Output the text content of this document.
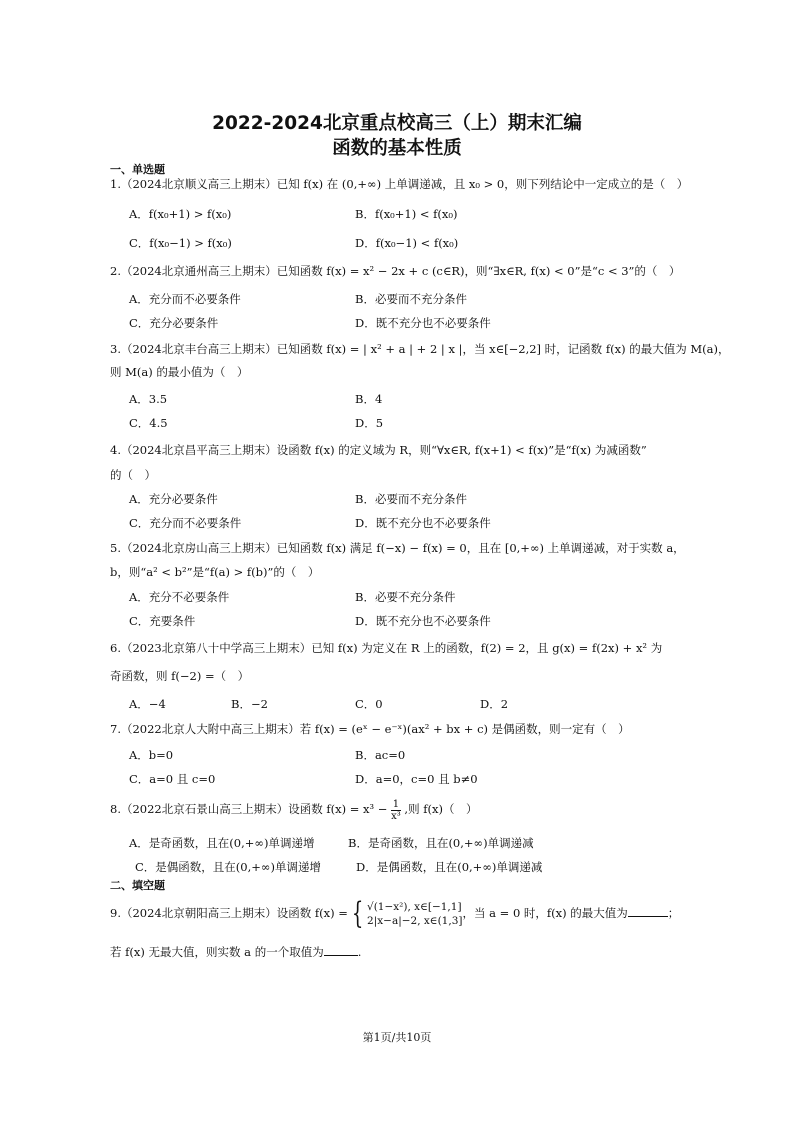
2022-2024北京重点校高三（上）期末汇编
函数的基本性质
一、单选题
1.（2024北京顺义高三上期末）已知 f(x) 在 (0,+∞) 上单调递减，且 x₀ > 0，则下列结论中一定成立的是（　）
A．f(x₀+1) > f(x₀)	B．f(x₀+1) < f(x₀)
C．f(x₀−1) > f(x₀)	D．f(x₀−1) < f(x₀)
2.（2024北京通州高三上期末）已知函数 f(x) = x² − 2x + c (c∈R)，则“∃x∈R, f(x) < 0”是“c < 3”的（　）
A．充分而不必要条件	B．必要而不充分条件
C．充分必要条件	D．既不充分也不必要条件
3.（2024北京丰台高三上期末）已知函数 f(x) = | x² + a | + 2 | x |，当 x∈[−2,2] 时，记函数 f(x) 的最大值为 M(a)，
则 M(a) 的最小值为（　）
A．3.5	B．4
C．4.5	D．5
4.（2024北京昌平高三上期末）设函数 f(x) 的定义域为 R，则“∀x∈R, f(x+1) < f(x)”是“f(x) 为减函数”
的（　）
A．充分必要条件	B．必要而不充分条件
C．充分而不必要条件	D．既不充分也不必要条件
5.（2024北京房山高三上期末）已知函数 f(x) 满足 f(−x) − f(x) = 0，且在 [0,+∞) 上单调递减，对于实数 a，
b，则“a² < b²”是“f(a) > f(b)”的（　）
A．充分不必要条件	B．必要不充分条件
C．充要条件	D．既不充分也不必要条件
6.（2023北京第八十中学高三上期末）已知 f(x) 为定义在 R 上的函数，f(2) = 2，且 g(x) = f(2x) + x² 为
奇函数，则 f(−2) =（　）
A．−4	B．−2	C．0	D．2
7.（2022北京人大附中高三上期末）若 f(x) = (eˣ − e⁻ˣ)(ax² + bx + c) 是偶函数，则一定有（　）
A．b=0	B．ac=0
C．a=0 且 c=0	D．a=0，c=0 且 b≠0
8.（2022北京石景山高三上期末）设函数 $f(x) = x^3 - \frac{1}{\text{x³}}$ ,则 f(x)（　）
A．是奇函数，且在(0,+∞)单调递增	B．是奇函数，且在(0,+∞)单调递减
C．是偶函数，且在(0,+∞)单调递增	D．是偶函数，且在(0,+∞)单调递减
二、填空题
9.（2024北京朝阳高三上期末）设函数 f(x) = { √(1−x²), x∈[−1,1]
2|x−a|−2, x∈(1,3]
，当 a = 0 时，f(x) 的最大值为	；
若 f(x) 无最大值，则实数 a 的一个取值为	.
第1页/共10页
